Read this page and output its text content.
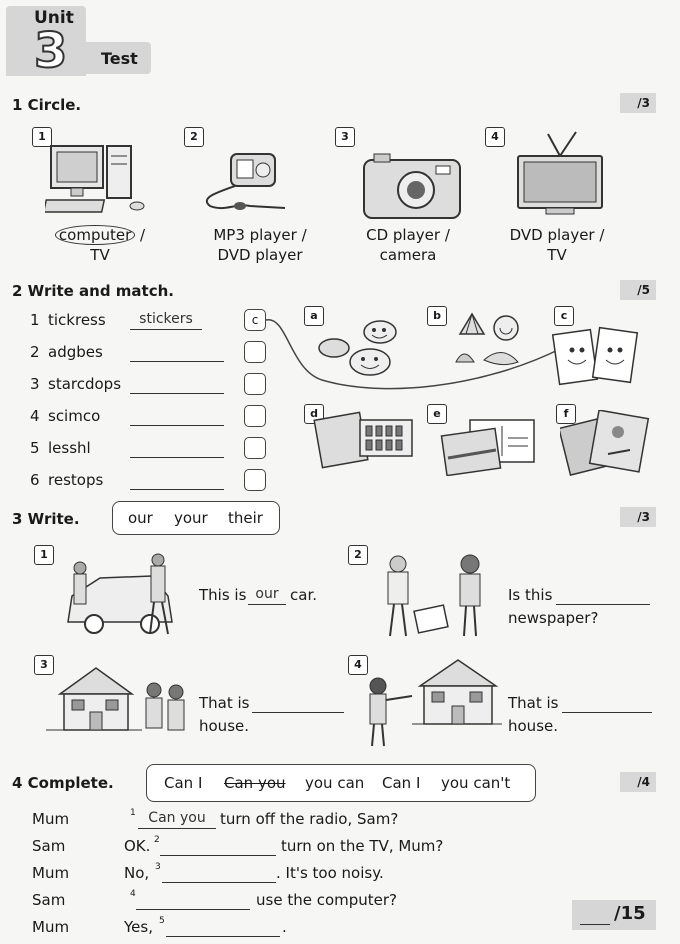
Unit
3 Test
1 Circle.	/3
1
computer /
TV
2
MP3 player /
DVD player
3
CD player /
camera
4
DVD player /
TV
2 Write and match.	/5
1 tickress	stickers	c
2 adgbes
3 starcdops
4 scimco
5 lesshl
6 restops
a	b	c
d	e	f
3 Write.	our your their	/3
1
This is our car.
2
Is this
newspaper?
3
That is
house.
4
That is
house.
4 Complete.	Can I Can you you can Can I you can't	/4
Mum	1 Can you turn off the radio, Sam?
Sam	OK. 2	turn on the TV, Mum?
Mum	No, 3	. It's too noisy.
Sam	4	use the computer?
Mum	Yes, 5	.
/15
